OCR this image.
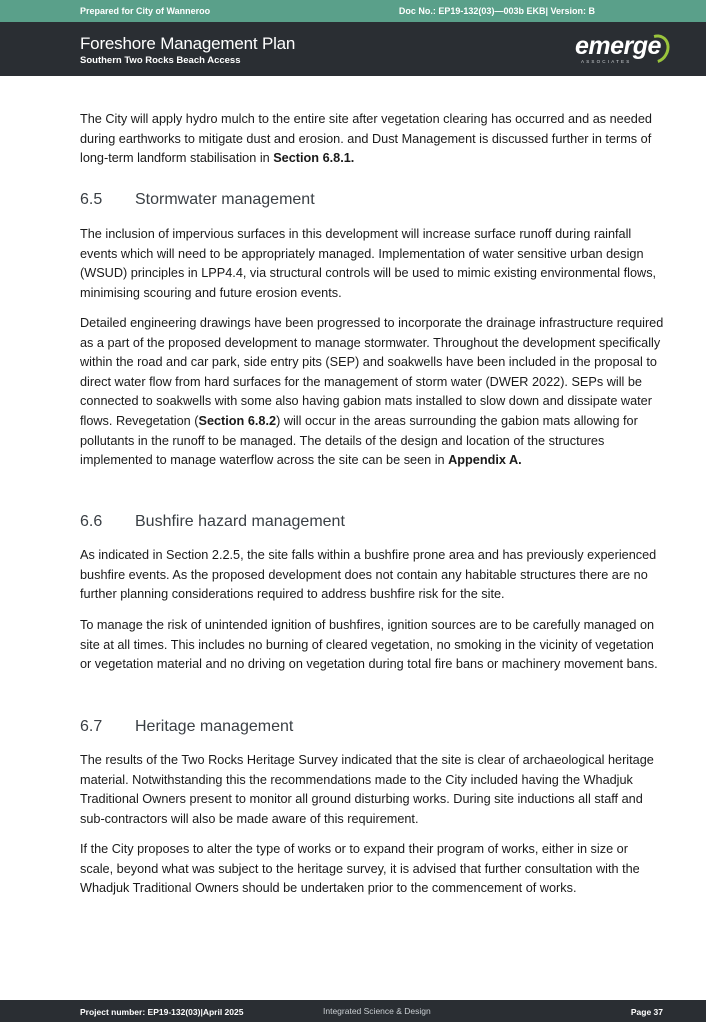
Prepared for City of Wanneroo	Doc No.: EP19-132(03)—003b EKB| Version: B
Foreshore Management Plan
Southern Two Rocks Beach Access
emerge
ASSOCIATES

The City will apply hydro mulch to the entire site after vegetation clearing has occurred and as needed during earthworks to mitigate dust and erosion. and Dust Management is discussed further in terms of long-term landform stabilisation in Section 6.8.1.

6.5 Stormwater management

The inclusion of impervious surfaces in this development will increase surface runoff during rainfall events which will need to be appropriately managed. Implementation of water sensitive urban design (WSUD) principles in LPP4.4, via structural controls will be used to mimic existing environmental flows, minimising scouring and future erosion events.

Detailed engineering drawings have been progressed to incorporate the drainage infrastructure required as a part of the proposed development to manage stormwater. Throughout the development specifically within the road and car park, side entry pits (SEP) and soakwells have been included in the proposal to direct water flow from hard surfaces for the management of storm water (DWER 2022). SEPs will be connected to soakwells with some also having gabion mats installed to slow down and dissipate water flows. Revegetation (Section 6.8.2) will occur in the areas surrounding the gabion mats allowing for pollutants in the runoff to be managed. The details of the design and location of the structures implemented to manage waterflow across the site can be seen in Appendix A.

6.6 Bushfire hazard management

As indicated in Section 2.2.5, the site falls within a bushfire prone area and has previously experienced bushfire events. As the proposed development does not contain any habitable structures there are no further planning considerations required to address bushfire risk for the site.

To manage the risk of unintended ignition of bushfires, ignition sources are to be carefully managed on site at all times. This includes no burning of cleared vegetation, no smoking in the vicinity of vegetation or vegetation material and no driving on vegetation during total fire bans or machinery movement bans.

6.7 Heritage management

The results of the Two Rocks Heritage Survey indicated that the site is clear of archaeological heritage material. Notwithstanding this the recommendations made to the City included having the Whadjuk Traditional Owners present to monitor all ground disturbing works. During site inductions all staff and sub-contractors will also be made aware of this requirement.

If the City proposes to alter the type of works or to expand their program of works, either in size or scale, beyond what was subject to the heritage survey, it is advised that further consultation with the Whadjuk Traditional Owners should be undertaken prior to the commencement of works.

Project number: EP19-132(03)|April 2025	Integrated Science & Design	Page 37
